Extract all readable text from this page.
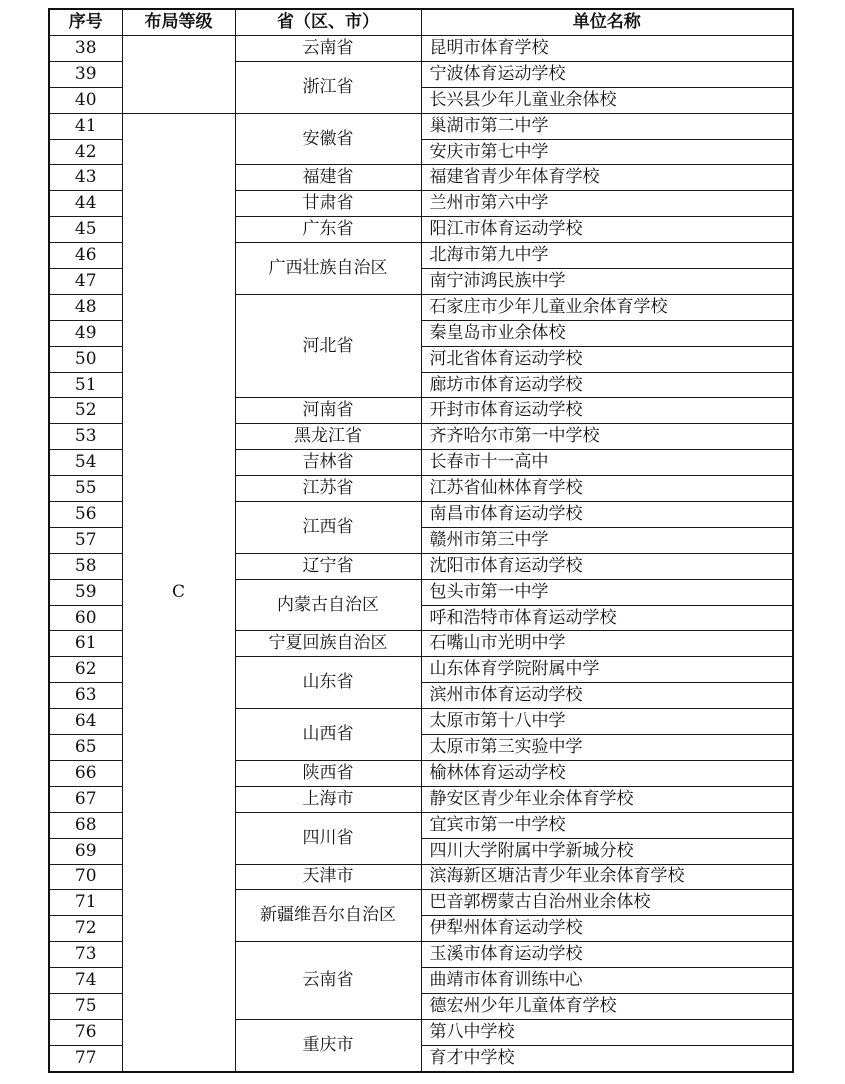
序号	布局等级	省（区、市）	单位名称
38		云南省	昆明市体育学校
39		浙江省	宁波体育运动学校
40			长兴县少年儿童业余体校
41	C	安徽省	巢湖市第二中学
42			安庆市第七中学
43		福建省	福建省青少年体育学校
44		甘肃省	兰州市第六中学
45		广东省	阳江市体育运动学校
46		广西壮族自治区	北海市第九中学
47			南宁沛鸿民族中学
48		河北省	石家庄市少年儿童业余体育学校
49			秦皇岛市业余体校
50			河北省体育运动学校
51			廊坊市体育运动学校
52		河南省	开封市体育运动学校
53		黑龙江省	齐齐哈尔市第一中学校
54		吉林省	长春市十一高中
55		江苏省	江苏省仙林体育学校
56		江西省	南昌市体育运动学校
57			赣州市第三中学
58		辽宁省	沈阳市体育运动学校
59		内蒙古自治区	包头市第一中学
60			呼和浩特市体育运动学校
61		宁夏回族自治区	石嘴山市光明中学
62		山东省	山东体育学院附属中学
63			滨州市体育运动学校
64		山西省	太原市第十八中学
65			太原市第三实验中学
66		陕西省	榆林体育运动学校
67		上海市	静安区青少年业余体育学校
68		四川省	宜宾市第一中学校
69			四川大学附属中学新城分校
70		天津市	滨海新区塘沽青少年业余体育学校
71		新疆维吾尔自治区	巴音郭楞蒙古自治州业余体校
72			伊犁州体育运动学校
73		云南省	玉溪市体育运动学校
74			曲靖市体育训练中心
75			德宏州少年儿童体育学校
76		重庆市	第八中学校
77			育才中学校
